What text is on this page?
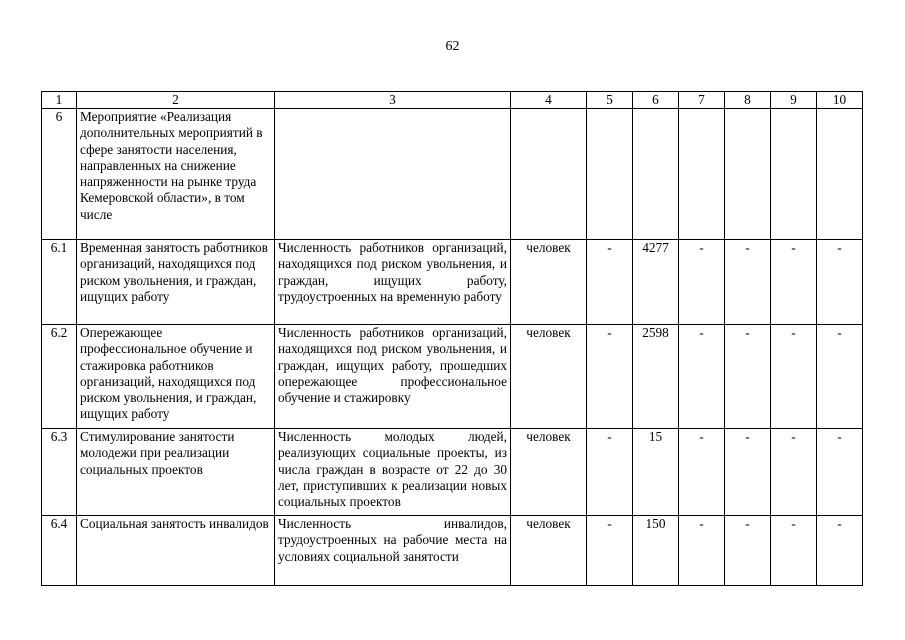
62
1	2	3	4	5	6	7	8	9	10
6	Мероприятие «Реализация дополнительных мероприятий в сфере занятости населения, направленных на снижение напряженности на рынке труда Кемеровской области», в том числе								
6.1	Временная занятость работников организаций, находящихся под риском увольнения, и граждан, ищущих работу	Численность работников организаций, находящихся под риском увольнения, и граждан, ищущих работу, трудоустроенных на временную работу	человек	-	4277	-	-	-	-
6.2	Опережающее профессиональное обучение и стажировка работников организаций, находящихся под риском увольнения, и граждан, ищущих работу	Численность работников организаций, находящихся под риском увольнения, и граждан, ищущих работу, прошедших опережающее профессиональное обучение и стажировку	человек	-	2598	-	-	-	-
6.3	Стимулирование занятости молодежи при реализации социальных проектов	Численность молодых людей, реализующих социальные проекты, из числа граждан в возрасте от 22 до 30 лет, приступивших к реализации новых социальных проектов	человек	-	15	-	-	-	-
6.4	Социальная занятость инвалидов	Численность инвалидов, трудоустроенных на рабочие места на условиях социальной занятости	человек	-	150	-	-	-	-
